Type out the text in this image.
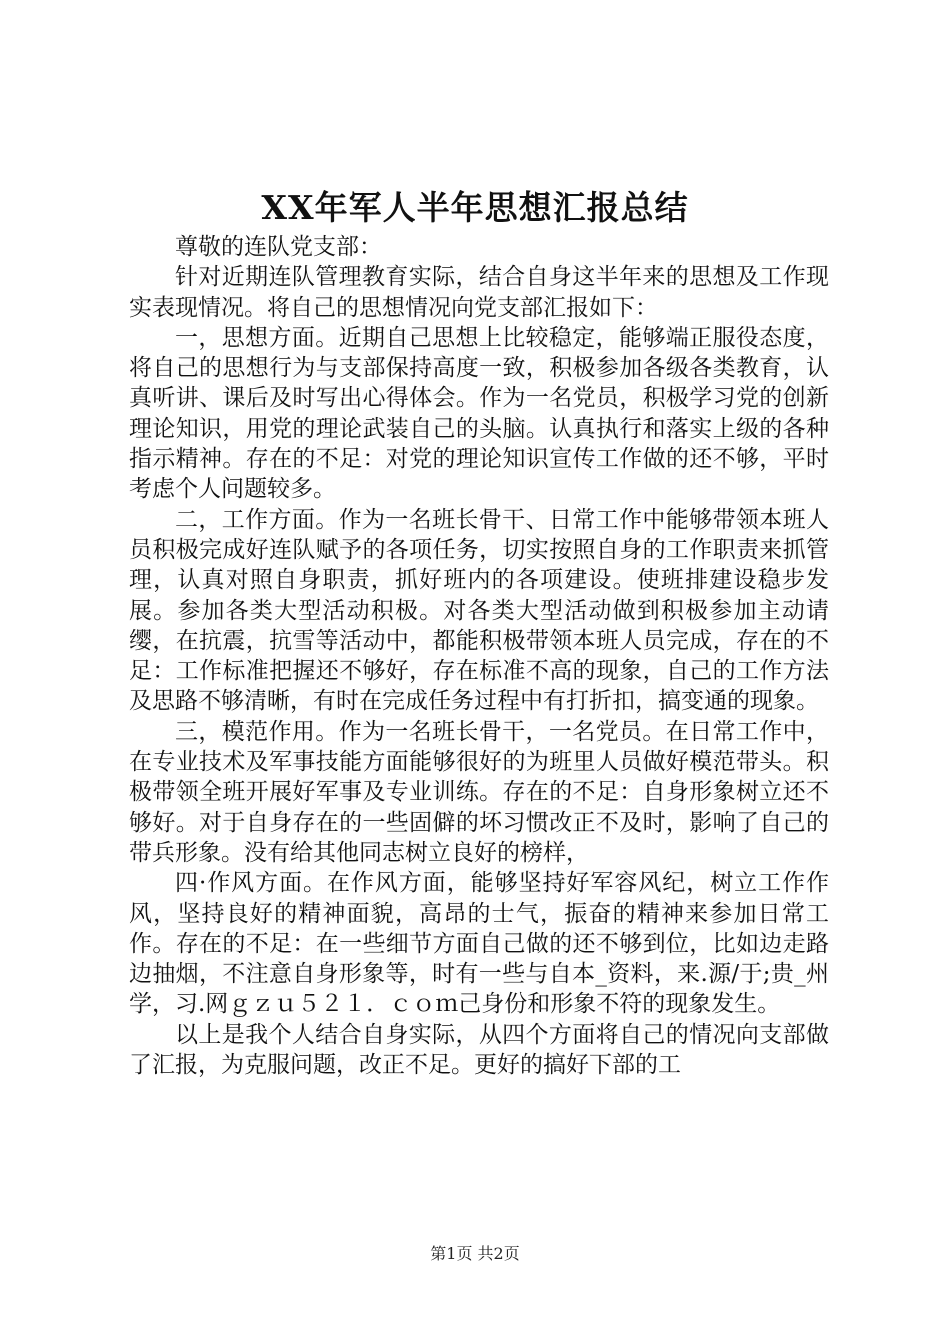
XX年军人半年思想汇报总结

尊敬的连队党支部：

针对近期连队管理教育实际，结合自身这半年来的思想及工作现实表现情况。将自己的思想情况向党支部汇报如下：

一，思想方面。近期自己思想上比较稳定，能够端正服役态度，将自己的思想行为与支部保持高度一致，积极参加各级各类教育，认真听讲、课后及时写出心得体会。作为一名党员，积极学习党的创新理论知识，用党的理论武装自己的头脑。认真执行和落实上级的各种指示精神。存在的不足：对党的理论知识宣传工作做的还不够，平时考虑个人问题较多。

二，工作方面。作为一名班长骨干、日常工作中能够带领本班人员积极完成好连队赋予的各项任务，切实按照自身的工作职责来抓管理，认真对照自身职责，抓好班内的各项建设。使班排建设稳步发展。参加各类大型活动积极。对各类大型活动做到积极参加主动请缨，在抗震，抗雪等活动中，都能积极带领本班人员完成，存在的不足：工作标准把握还不够好，存在标准不高的现象，自己的工作方法及思路不够清晰，有时在完成任务过程中有打折扣，搞变通的现象。

三，模范作用。作为一名班长骨干，一名党员。在日常工作中，在专业技术及军事技能方面能够很好的为班里人员做好模范带头。积极带领全班开展好军事及专业训练。存在的不足：自身形象树立还不够好。对于自身存在的一些固僻的坏习惯改正不及时，影响了自己的带兵形象。没有给其他同志树立良好的榜样，

四·作风方面。在作风方面，能够坚持好军容风纪，树立工作作风，坚持良好的精神面貌，高昂的士气，振奋的精神来参加日常工作。存在的不足：在一些细节方面自己做的还不够到位，比如边走路边抽烟，不注意自身形象等，时有一些与自本_资料，来.源/于;贵_州学，习.网ｇｚｕ５２１．ｃｏｍ己身份和形象不符的现象发生。

以上是我个人结合自身实际，从四个方面将自己的情况向支部做了汇报，为克服问题，改正不足。更好的搞好下部的工

第1页 共2页
